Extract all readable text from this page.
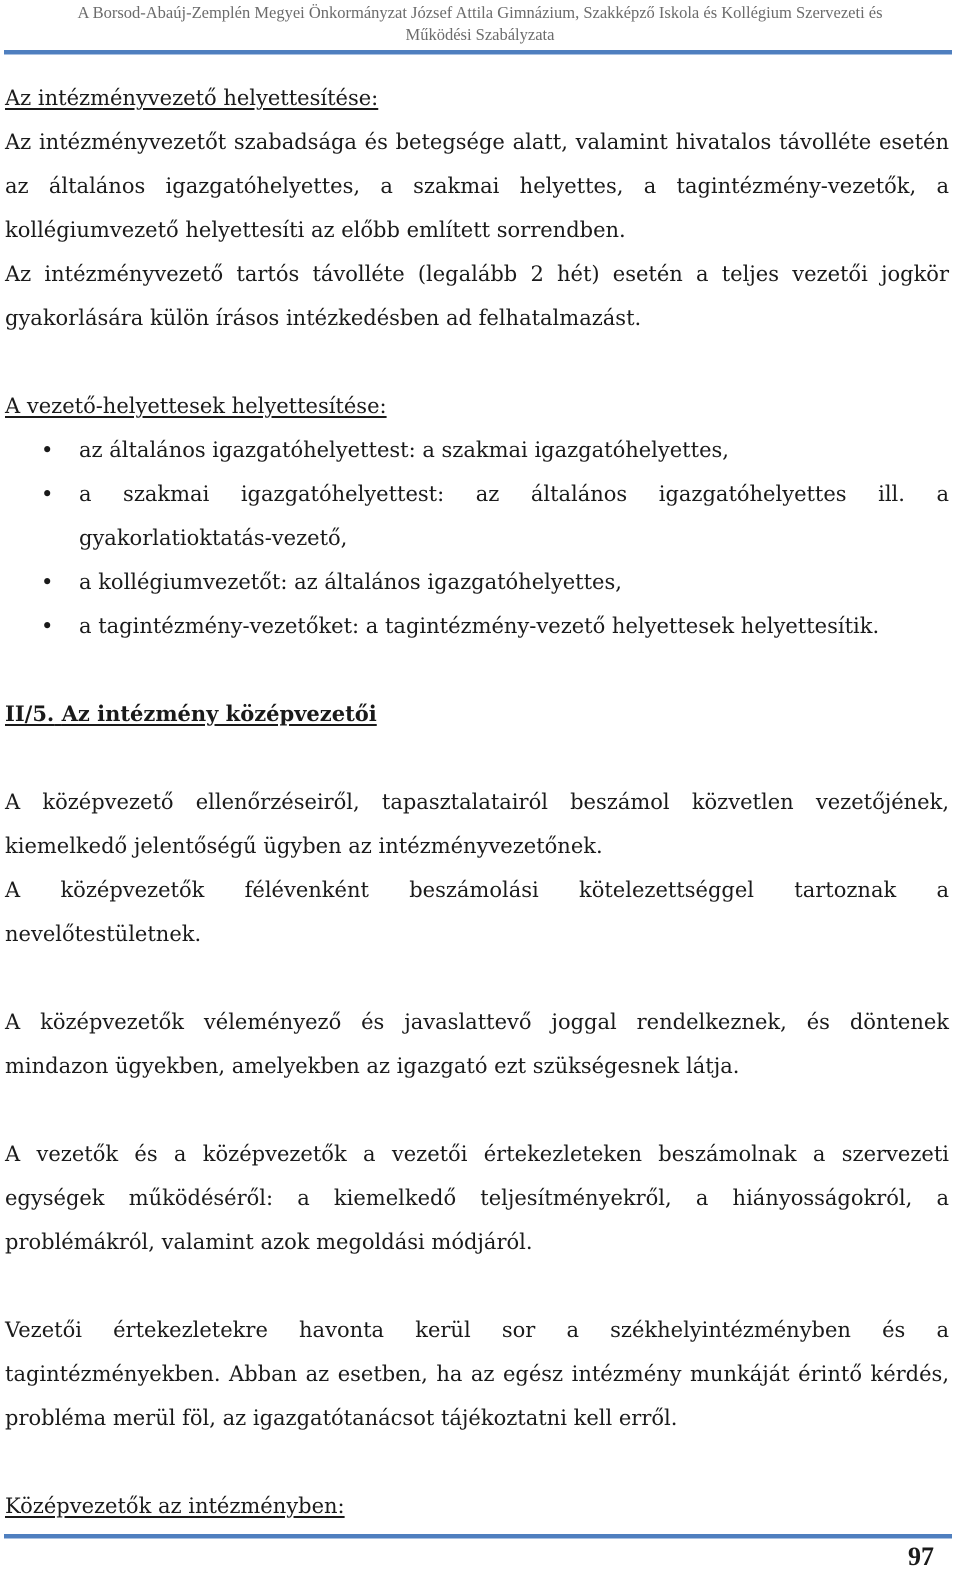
A Borsod-Abaúj-Zemplén Megyei Önkormányzat József Attila Gimnázium, Szakképző Iskola és Kollégium Szervezeti és
Működési Szabályzata

Az intézményvezető helyettesítése:

Az intézményvezetőt szabadsága és betegsége alatt, valamint hivatalos távolléte esetén az általános igazgatóhelyettes, a szakmai helyettes, a tagintézmény-vezetők, a kollégiumvezető helyettesíti az előbb említett sorrendben.

Az intézményvezető tartós távolléte (legalább 2 hét) esetén a teljes vezetői jogkör gyakorlására külön írásos intézkedésben ad felhatalmazást.

A vezető-helyettesek helyettesítése:

•	az általános igazgatóhelyettest: a szakmai igazgatóhelyettes,
•	a szakmai igazgatóhelyettest: az általános igazgatóhelyettes ill. a gyakorlatioktatás-vezető,
•	a kollégiumvezetőt: az általános igazgatóhelyettes,
•	a tagintézmény-vezetőket: a tagintézmény-vezető helyettesek helyettesítik.

II/5. Az intézmény középvezetői

A középvezető ellenőrzéseiről, tapasztalatairól beszámol közvetlen vezetőjének, kiemelkedő jelentőségű ügyben az intézményvezetőnek.

A középvezetők félévenként beszámolási kötelezettséggel tartoznak a nevelőtestületnek.

A középvezetők véleményező és javaslattevő joggal rendelkeznek, és döntenek mindazon ügyekben, amelyekben az igazgató ezt szükségesnek látja.

A vezetők és a középvezetők a vezetői értekezleteken beszámolnak a szervezeti egységek működéséről: a kiemelkedő teljesítményekről, a hiányosságokról, a problémákról, valamint azok megoldási módjáról.

Vezetői értekezletekre havonta kerül sor a székhelyintézményben és a tagintézményekben. Abban az esetben, ha az egész intézmény munkáját érintő kérdés, probléma merül föl, az igazgatótanácsot tájékoztatni kell erről.

Középvezetők az intézményben:

97
